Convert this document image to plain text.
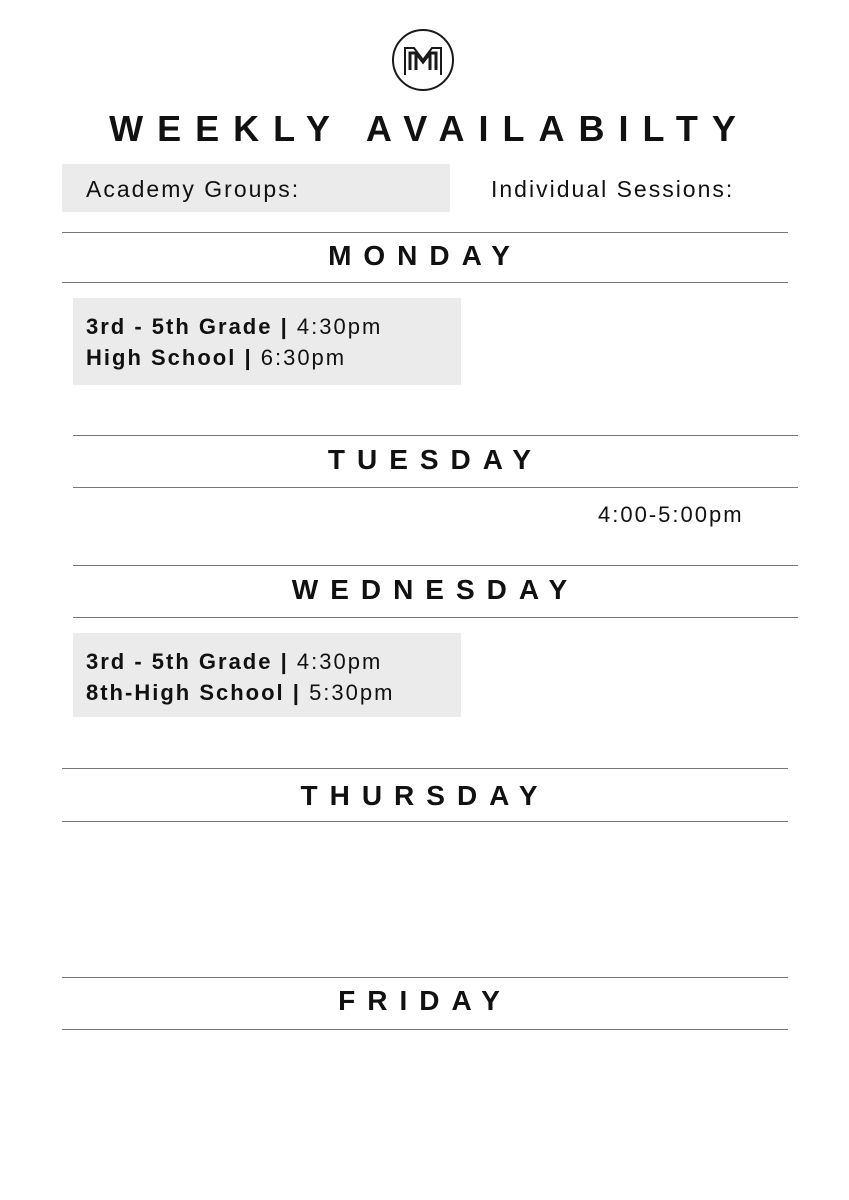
WEEKLY AVAILABILTY
Academy Groups:	Individual Sessions:
MONDAY
3rd - 5th Grade | 4:30pm
High School | 6:30pm
TUESDAY
4:00-5:00pm
WEDNESDAY
3rd - 5th Grade | 4:30pm
8th-High School | 5:30pm
THURSDAY
FRIDAY
